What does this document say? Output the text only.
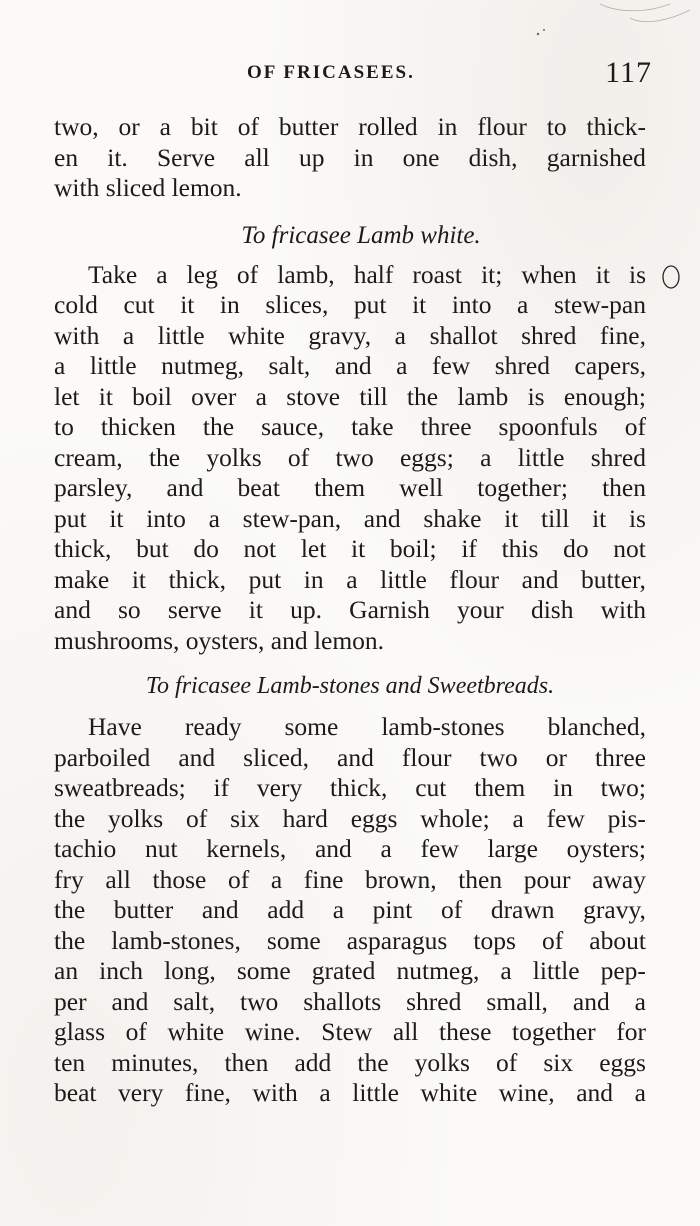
OF FRICASEES.	117
two, or a bit of butter rolled in flour to thick-
en it. Serve all up in one dish, garnished
with sliced lemon.
To fricasee Lamb white.
Take a leg of lamb, half roast it; when it is
cold cut it in slices, put it into a stew-pan
with a little white gravy, a shallot shred fine,
a little nutmeg, salt, and a few shred capers,
let it boil over a stove till the lamb is enough;
to thicken the sauce, take three spoonfuls of
cream, the yolks of two eggs; a little shred
parsley, and beat them well together; then
put it into a stew-pan, and shake it till it is
thick, but do not let it boil; if this do not
make it thick, put in a little flour and butter,
and so serve it up. Garnish your dish with
mushrooms, oysters, and lemon.
To fricasee Lamb-stones and Sweetbreads.
Have ready some lamb-stones blanched,
parboiled and sliced, and flour two or three
sweatbreads; if very thick, cut them in two;
the yolks of six hard eggs whole; a few pis-
tachio nut kernels, and a few large oysters;
fry all those of a fine brown, then pour away
the butter and add a pint of drawn gravy,
the lamb-stones, some asparagus tops of about
an inch long, some grated nutmeg, a little pep-
per and salt, two shallots shred small, and a
glass of white wine. Stew all these together for
ten minutes, then add the yolks of six eggs
beat very fine, with a little white wine, and a
